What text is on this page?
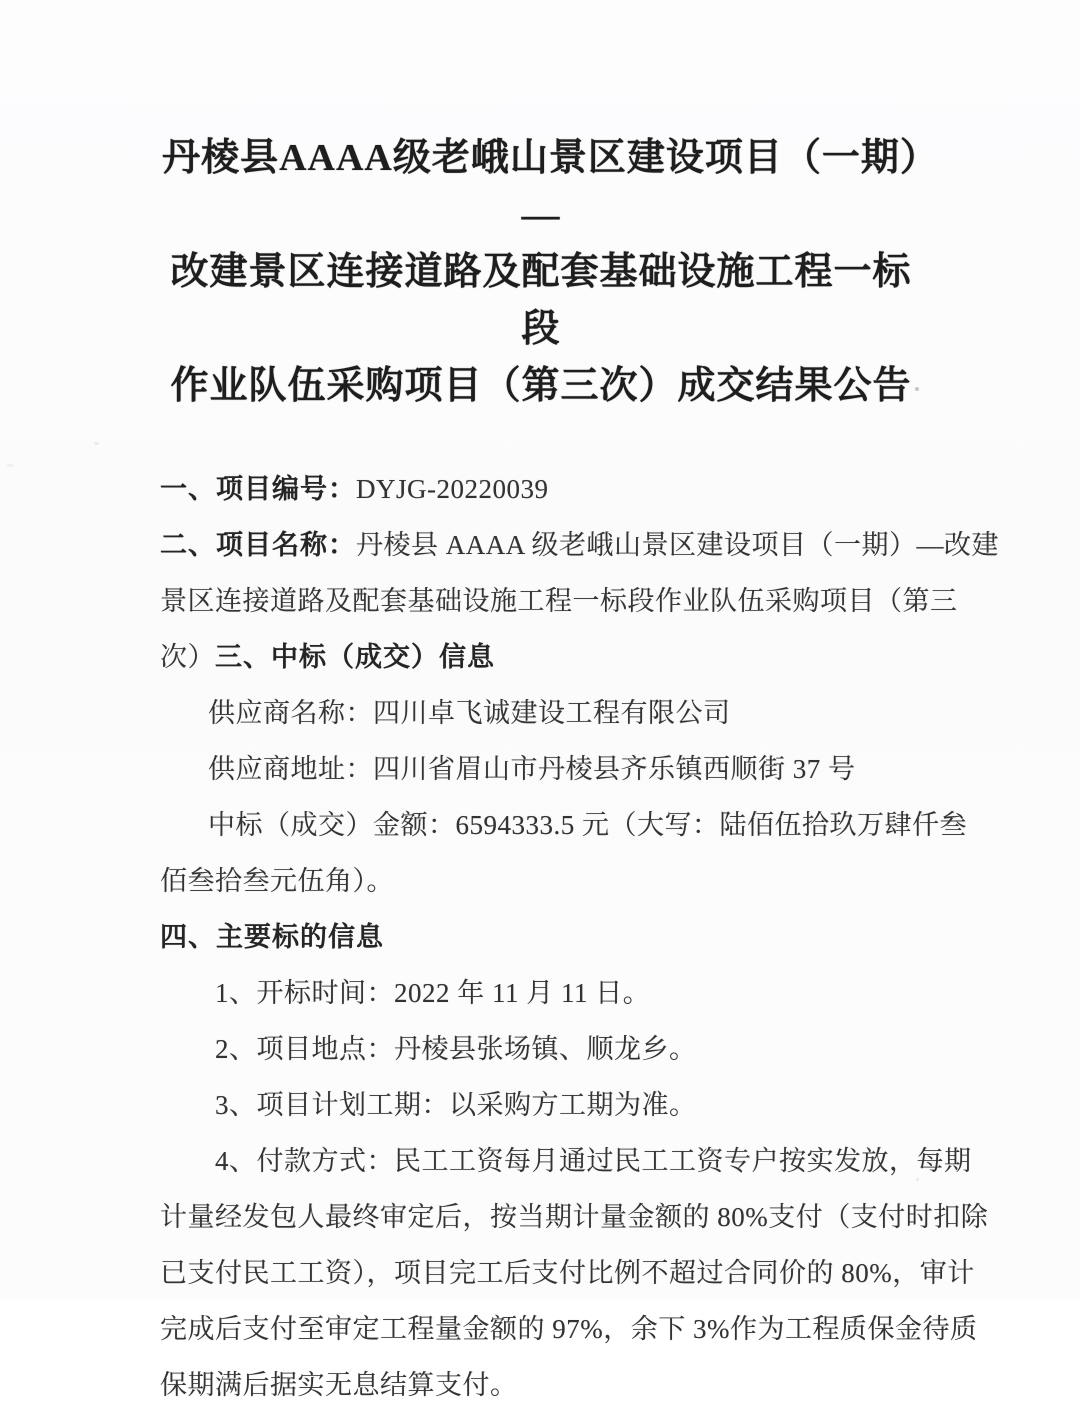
丹棱县AAAA级老峨山景区建设项目（一期）—
改建景区连接道路及配套基础设施工程一标段
作业队伍采购项目（第三次）成交结果公告
一、项目编号：DYJG-20220039
二、项目名称：丹棱县 AAAA 级老峨山景区建设项目（一期）—改建
景区连接道路及配套基础设施工程一标段作业队伍采购项目（第三
次）三、中标（成交）信息
供应商名称：四川卓飞诚建设工程有限公司
供应商地址：四川省眉山市丹棱县齐乐镇西顺街 37 号
中标（成交）金额：6594333.5 元（大写：陆佰伍拾玖万肆仟叁
佰叁拾叁元伍角）。
四、主要标的信息
1、开标时间：2022 年 11 月 11 日。
2、项目地点：丹棱县张场镇、顺龙乡。
3、项目计划工期：以采购方工期为准。
4、付款方式：民工工资每月通过民工工资专户按实发放，每期
计量经发包人最终审定后，按当期计量金额的 80%支付（支付时扣除
已支付民工工资），项目完工后支付比例不超过合同价的 80%，审计
完成后支付至审定工程量金额的 97%，余下 3%作为工程质保金待质
保期满后据实无息结算支付。
